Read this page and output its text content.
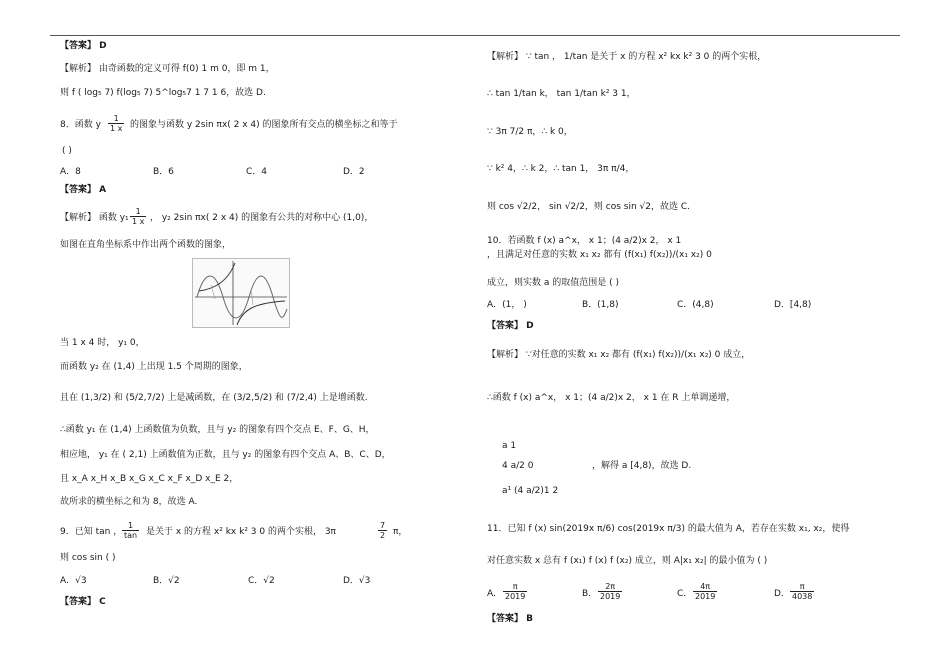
【答案】 D
【解析】 由奇函数的定义可得 f(0) 1 m 0，即 m 1，
则 f ( log₅ 7) f(log₅ 7) 5^log₅7 1 7 1 6，故选 D.
8．函数 y
1
1 x 的图象与函数 y 2sin πx( 2 x 4) 的图象所有交点的横坐标之和等于
( )
A．8	B．6	C．4	D．2
【答案】 A
【解析】 函数 y₁
1
1 x ， y₂ 2sin πx( 2 x 4) 的图象有公共的对称中心 (1,0)，
如图在直角坐标系中作出两个函数的图象，
当 1 x 4 时， y₁ 0，
而函数 y₂ 在 (1,4) 上出现 1.5 个周期的图象，
且在 (1,3/2) 和 (5/2,7/2) 上是减函数，在 (3/2,5/2) 和 (7/2,4) 上是增函数.
∴函数 y₁ 在 (1,4) 上函数值为负数，且与 y₂ 的图象有四个交点 E、F、G、H，
相应地， y₁ 在 ( 2,1) 上函数值为正数，且与 y₂ 的图象有四个交点 A、B、C、D，
且 x_A x_H x_B x_G x_C x_F x_D x_E 2，
故所求的横坐标之和为 8，故选 A.
9．已知 tan ，
1
tan 是关于 x 的方程 x² kx k² 3 0 的两个实根， 3π
7
2 π，
则 cos sin ( )
A．√3	B．√2	C．√2	D．√3
【答案】 C
【解析】 ∵ tan ， 1/tan 是关于 x 的方程 x² kx k² 3 0 的两个实根，
∴ tan 1/tan k， tan 1/tan k² 3 1，
∵ 3π 7/2 π，∴ k 0，
∵ k² 4，∴ k 2，∴ tan 1， 3π π/4，
则 cos √2/2， sin √2/2，则 cos sin √2，故选 C.
10．若函数 f (x) a^x， x 1；(4 a/2)x 2， x 1
，且满足对任意的实数 x₁ x₂ 都有 (f(x₁) f(x₂))/(x₁ x₂) 0
成立，则实数 a 的取值范围是 ( )
A．(1， )	B．(1,8)	C．(4,8)	D．[4,8)
【答案】 D
【解析】 ∵对任意的实数 x₁ x₂ 都有 (f(x₁) f(x₂))/(x₁ x₂) 0 成立，
∴函数 f (x) a^x， x 1；(4 a/2)x 2， x 1 在 R 上单调递增，
a 1
4 a/2 0
a¹ (4 a/2)1 2
，解得 a [4,8)，故选 D.
11．已知 f (x) sin(2019x π/6) cos(2019x π/3) 的最大值为 A，若存在实数 x₁, x₂，使得
对任意实数 x 总有 f (x₁) f (x) f (x₂) 成立，则 A|x₁ x₂| 的最小值为 ( )
A．
π
2019	B．
2π
2019	C．
4π
2019	D．
π
4038
【答案】 B
